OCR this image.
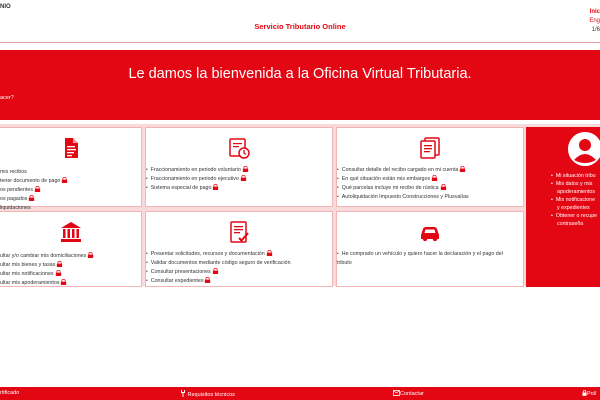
NIO
Servicio Tributario Online
Inic
Eng
1/6
Le damos la bienvenida a la Oficina Virtual Tributaria.
acer?
mis recibos
tener documento de pago
os pendientes
os pagados
liquidaciones
• Fraccionamiento en periodo voluntario
• Fraccionamiento en periodo ejecutivo
• Sistema especial de pago
• Consultar detalle del recibo cargado en mi cuenta
• En qué situación están mis embargos
• Qué parcelas incluye mi recibo de rústica
• Autoliquidación Impuesto Construcciones y Plusvalías
ultar y/o cambiar mis domiciliaciones
ultar mis bienes y tasas
ultar mis notificaciones
ultar mis apoderamientos
• Presentar solicitudes, recursos y documentación
• Validar documentos mediante código seguro de verificación
• Consultar presentaciones
• Consultar expedientes
• He comprado un vehículo y quiero hacer la declaración y el pago del tributo
• Mi situación tribu
• Mis datos y mis
apoderamientos
• Mis notificacione
y expedientes
• Obtener o recupe
contraseña
rtificado	Requisitos técnicos	Contactar	Polí
